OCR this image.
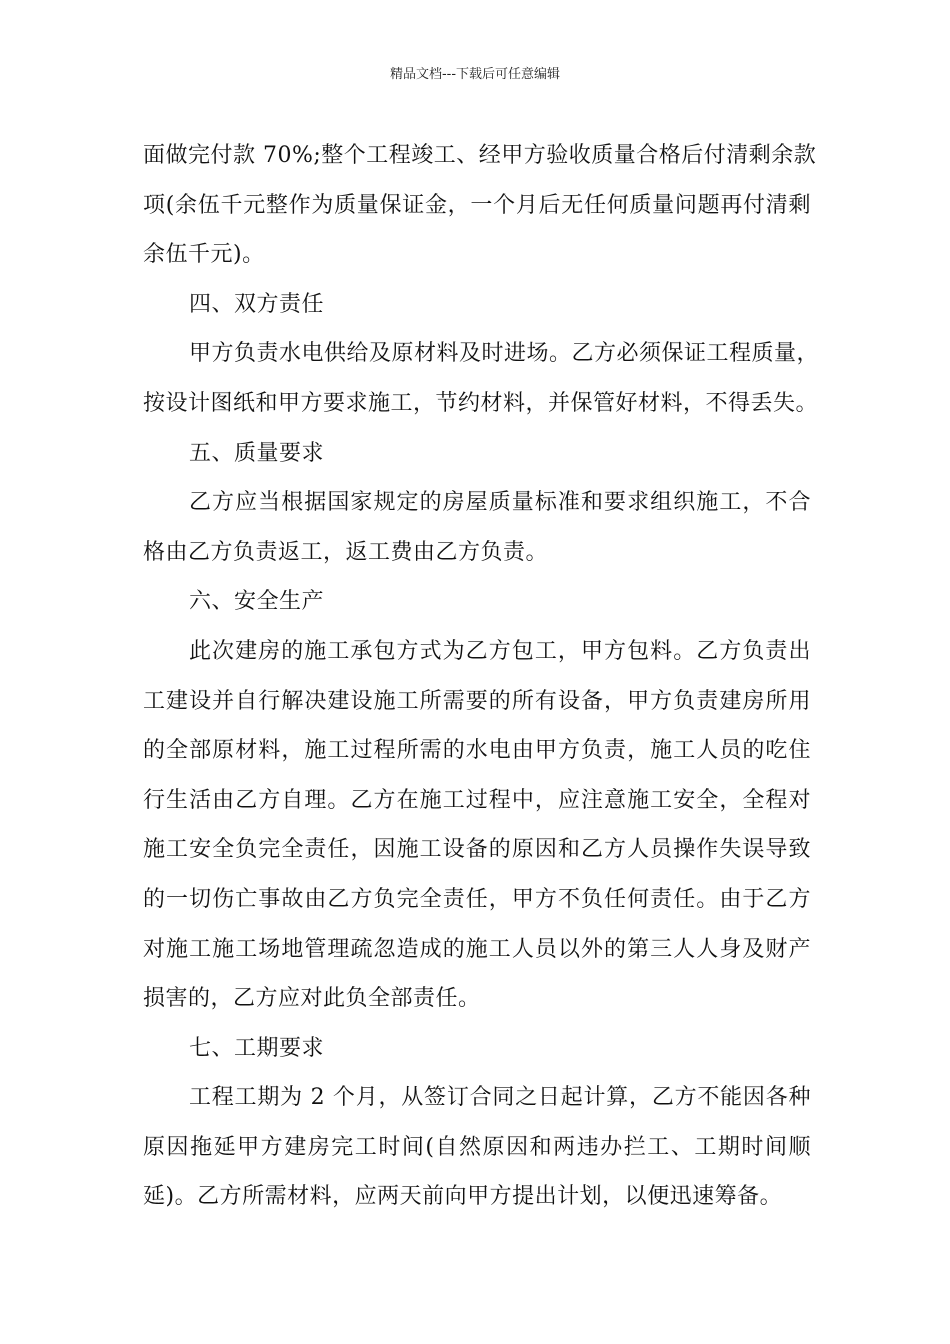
精品文档---下载后可任意编辑
面做完付款 70%;整个工程竣工、经甲方验收质量合格后付清剩余款
项(余伍千元整作为质量保证金，一个月后无任何质量问题再付清剩
余伍千元)。
四、双方责任
甲方负责水电供给及原材料及时进场。乙方必须保证工程质量，
按设计图纸和甲方要求施工，节约材料，并保管好材料，不得丢失。
五、质量要求
乙方应当根据国家规定的房屋质量标准和要求组织施工，不合
格由乙方负责返工，返工费由乙方负责。
六、安全生产
此次建房的施工承包方式为乙方包工，甲方包料。乙方负责出
工建设并自行解决建设施工所需要的所有设备，甲方负责建房所用
的全部原材料，施工过程所需的水电由甲方负责，施工人员的吃住
行生活由乙方自理。乙方在施工过程中，应注意施工安全，全程对
施工安全负完全责任，因施工设备的原因和乙方人员操作失误导致
的一切伤亡事故由乙方负完全责任，甲方不负任何责任。由于乙方
对施工施工场地管理疏忽造成的施工人员以外的第三人人身及财产
损害的，乙方应对此负全部责任。
七、工期要求
工程工期为 2 个月，从签订合同之日起计算，乙方不能因各种
原因拖延甲方建房完工时间(自然原因和两违办拦工、工期时间顺
延)。乙方所需材料，应两天前向甲方提出计划，以便迅速筹备。
